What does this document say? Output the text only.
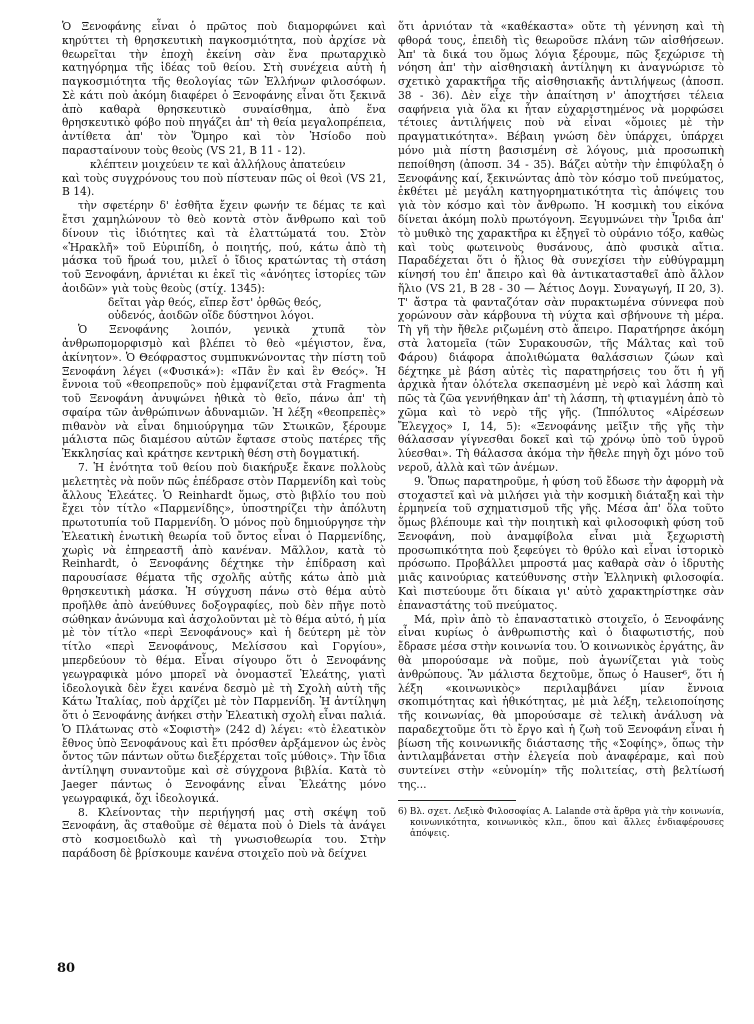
Ὁ Ξενοφάνης εἶναι ὁ πρῶτος ποὺ διαμορφώνει καὶ κηρύττει τὴ θρησκευτικὴ παγκοσμιότητα, ποὺ ἀρχίσε νὰ θεωρεῖται τὴν ἐποχὴ ἐκείνη σὰν ἕνα πρωταρχικὸ κατηγόρημα τῆς ἰδέας τοῦ θείου. Στὴ συνέχεια αὐτὴ ἡ παγκοσμιότητα τῆς θεολογίας τῶν Ἑλλήνων φιλοσόφων. Σὲ κάτι ποὺ ἀκόμη διαφέρει ὁ Ξενοφάνης εἶναι ὅτι ξεκινᾶ ἀπὸ καθαρὰ θρησκευτικὸ συναίσθημα, ἀπὸ ἕνα θρησκευτικὸ φόβο ποὺ πηγάζει ἀπ' τὴ θεία μεγαλοπρέπεια, ἀντίθετα ἀπ' τὸν Ὅμηρο καὶ τὸν Ἡσίοδο ποὺ παρασταίνουν τοὺς θεοὺς (VS 21, Β 11 - 12).

κλέπτειν μοιχεύειν τε καὶ ἀλλήλους ἀπατεύειν

καὶ τοὺς συγχρόνους του ποὺ πίστευαν πῶς οἱ θεοὶ (VS 21, Β 14).

τὴν σφετέρην δ' ἐσθῆτα ἔχειν φωνήν τε δέμας τε καὶ ἔτσι χαμηλώνουν τὸ θεὸ κοντὰ στὸν ἄνθρωπο καὶ τοῦ δίνουν τὶς ἰδιότητες καὶ τὰ ἐλαττώματά του. Στὸν «Ἡρακλῆ» τοῦ Εὐριπίδη, ὁ ποιητής, πού, κάτω ἀπὸ τὴ μάσκα τοῦ ἥρωά του, μιλεῖ ὁ ἴδιος κρατώντας τὴ στάση τοῦ Ξενοφάνη, ἀρνιέται κι ἐκεῖ τὶς «ἀνόητες ἱστορίες τῶν ἀοιδῶν» γιὰ τοὺς θεοὺς (στίχ. 1345):

δεῖται γὰρ θεός, εἴπερ ἔστ' ὀρθῶς θεός,

οὐδενός, ἀοιδῶν οἵδε δύστηνοι λόγοι.

Ὁ Ξενοφάνης λοιπόν, γενικὰ χτυπᾶ τὸν ἀνθρωπομορφισμὸ καὶ βλέπει τὸ θεὸ «μέγιστον, ἕνα, ἀκίνητον». Ὁ Θεόφραστος συμπυκνώνοντας τὴν πίστη τοῦ Ξενοφάνη λέγει («Φυσικά»): «Πᾶν ἓν καὶ ἓν Θεός». Ἡ ἔννοια τοῦ «θεοπρεποῦς» ποὺ ἐμφανίζεται στὰ Fragmenta τοῦ Ξενοφάνη ἀνυψώνει ἠθικὰ τὸ θεῖο, πάνω ἀπ' τὴ σφαίρα τῶν ἀνθρώπινων ἀδυναμιῶν. Ἡ λέξη «θεοπρεπὲς» πιθανὸν νὰ εἶναι δημιούργημα τῶν Στωικῶν, ξέρουμε μάλιστα πῶς διαμέσου αὐτῶν ἔφτασε στοὺς πατέρες τῆς Ἐκκλησίας καὶ κράτησε κεντρικὴ θέση στὴ δογματική.

7. Ἡ ἑνότητα τοῦ θείου ποὺ διακήρυξε ἔκανε πολλοὺς μελετητὲς νὰ ποῦν πῶς ἐπέδρασε στὸν Παρμενίδη καὶ τοὺς ἄλλους Ἐλεάτες. Ὁ Reinhardt ὅμως, στὸ βιβλίο του ποὺ ἔχει τὸν τίτλο «Παρμενίδης», ὑποστηρίζει τὴν ἀπόλυτη πρωτοτυπία τοῦ Παρμενίδη. Ὁ μόνος ποὺ δημιούργησε τὴν Ἐλεατικὴ ἑνωτικὴ θεωρία τοῦ ὄντος εἶναι ὁ Παρμενίδης, χωρὶς νὰ ἐπηρεαστῆ ἀπὸ κανέναν. Μᾶλλον, κατὰ τὸ Reinhardt, ὁ Ξενοφάνης δέχτηκε τὴν ἐπίδραση καὶ παρουσίασε θέματα τῆς σχολῆς αὐτῆς κάτω ἀπὸ μιὰ θρησκευτικὴ μάσκα. Ἡ σύγχυση πάνω στὸ θέμα αὐτὸ προῆλθε ἀπὸ ἀνεύθυνες δοξογραφίες, ποὺ δὲν πῆγε ποτὸ σώθηκαν ἀνώνυμα καὶ ἀσχολοῦνται μὲ τὸ θέμα αὐτό, ἡ μία μὲ τὸν τίτλο «περὶ Ξενοφάνους» καὶ ἡ δεύτερη μὲ τὸν τίτλο «περὶ Ξενοφάνους, Μελίσσου καὶ Γοργίου», μπερδεύουν τὸ θέμα. Εἶναι σίγουρο ὅτι ὁ Ξενοφάνης γεωγραφικὰ μόνο μπορεῖ νὰ ὀνομαστεῖ Ἐλεάτης, γιατὶ ἰδεολογικὰ δὲν ἔχει κανένα δεσμὸ μὲ τὴ Σχολὴ αὐτὴ τῆς Κάτω Ἰταλίας, ποὺ ἀρχίζει μὲ τὸν Παρμενίδη. Ἡ ἀντίληψη ὅτι ὁ Ξενοφάνης ἀνήκει στὴν Ἐλεατικὴ σχολὴ εἶναι παλιά. Ὁ Πλάτωνας στὸ «Σοφιστὴ» (242 d) λέγει: «τὸ ἐλεατικὸν ἔθνος ὑπὸ Ξενοφάνους καὶ ἔτι πρόσθεν ἀρξάμενον ὡς ἑνὸς ὄντος τῶν πάντων οὕτω διεξέρχεται τοῖς μύθοις». Τὴν ἴδια ἀντίληψη συναντοῦμε καὶ σὲ σύγχρονα βιβλία. Κατὰ τὸ Jaeger πάντως ὁ Ξενοφάνης εἶναι Ἐλεάτης μόνο γεωγραφικά, ὄχι ἰδεολογικά.

8. Κλείνοντας τὴν περιήγησή μας στὴ σκέψη τοῦ Ξενοφάνη, ἂς σταθοῦμε σὲ θέματα ποὺ ὁ Diels τὰ ἀνάγει στὸ κοσμοειδωλὸ καὶ τὴ γνωσιοθεωρία του. Στὴν παράδοση δὲ βρίσκουμε κανένα στοιχεῖο ποὺ νὰ δείχνει

ὅτι ἀρνιόταν τὰ «καθέκαστα» οὔτε τὴ γέννηση καὶ τὴ φθορά τους, ἐπειδὴ τὶς θεωροῦσε πλάνη τῶν αἰσθήσεων. Ἀπ' τὰ δικά του ὅμως λόγια ξέρουμε, πῶς ξεχώρισε τὴ νόηση ἀπ' τὴν αἰσθησιακὴ ἀντίληψη κι ἀναγνώρισε τὸ σχετικὸ χαρακτῆρα τῆς αἰσθησιακῆς ἀντιλήψεως (ἀποσπ. 38 - 36). Δὲν εἶχε τὴν ἀπαίτηση ν' ἀποχτήσει τέλεια σαφήνεια γιὰ ὅλα κι ἦταν εὐχαριστημένος νὰ μορφώσει τέτοιες ἀντιλήψεις ποὺ νὰ εἶναι «ὅμοιες μὲ τὴν πραγματικότητα». Βέβαιη γνώση δὲν ὑπάρχει, ὑπάρχει μόνο μιὰ πίστη βασισμένη σὲ λόγους, μιὰ προσωπικὴ πεποίθηση (ἀποσπ. 34 - 35). Βάζει αὐτὴν τὴν ἐπιφύλαξη ὁ Ξενοφάνης καί, ξεκινώντας ἀπὸ τὸν κόσμο τοῦ πνεύματος, ἐκθέτει μὲ μεγάλη κατηγορηματικότητα τὶς ἀπόψεις του γιὰ τὸν κόσμο καὶ τὸν ἄνθρωπο. Ἡ κοσμικὴ του εἰκόνα δίνεται ἀκόμη πολὺ πρωτόγονη. Ξεγυμνώνει τὴν Ἶριδα ἀπ' τὸ μυθικὸ της χαρακτῆρα κι ἐξηγεῖ τὸ οὐράνιο τόξο, καθὼς καὶ τοὺς φωτεινοὺς θυσάνους, ἀπὸ φυσικὰ αἴτια. Παραδέχεται ὅτι ὁ ἥλιος θὰ συνεχίσει τὴν εὐθύγραμμη κίνησή του ἐπ' ἄπειρο καὶ θὰ ἀντικατασταθεῖ ἀπὸ ἄλλον ἥλιο (VS 21, Β 28 - 30 — Ἀέτιος Δογμ. Συναγωγή, ΙΙ 20, 3). Τ' ἄστρα τὰ φανταζόταν σὰν πυρακτωμένα σύννεφα ποὺ χορώνουν σὰν κάρβουνα τὴ νύχτα καὶ σβήνουνε τὴ μέρα. Τὴ γῆ τὴν ἤθελε ριζωμένη στὸ ἄπειρο. Παρατήρησε ἀκόμη στὰ λατομεῖα (τῶν Συρακουσῶν, τῆς Μάλτας καὶ τοῦ Φάρου) διάφορα ἀπολιθώματα θαλάσσιων ζώων καὶ δέχτηκε μὲ βάση αὐτὲς τὶς παρατηρήσεις του ὅτι ἡ γῆ ἀρχικὰ ἦταν ὁλότελα σκεπασμένη μὲ νερὸ καὶ λάσπη καὶ πῶς τὰ ζῶα γεννήθηκαν ἀπ' τὴ λάσπη, τὴ φτιαγμένη ἀπὸ τὸ χῶμα καὶ τὸ νερὸ τῆς γῆς. (Ἱππόλυτος «Αἱρέσεων Ἔλεγχος» Ι, 14, 5): «Ξενοφάνης μεῖξιν τῆς γῆς τὴν θάλασσαν γίγνεσθαι δοκεῖ καὶ τῷ χρόνῳ ὑπὸ τοῦ ὑγροῦ λύεσθαι». Τὴ θάλασσα ἀκόμα τὴν ἤθελε πηγὴ ὄχι μόνο τοῦ νεροῦ, ἀλλὰ καὶ τῶν ἀνέμων.

9. Ὅπως παρατηροῦμε, ἡ φύση τοῦ ἔδωσε τὴν ἀφορμὴ νὰ στοχαστεῖ καὶ νὰ μιλήσει γιὰ τὴν κοσμικὴ διάταξη καὶ τὴν ἑρμηνεία τοῦ σχηματισμοῦ τῆς γῆς. Μέσα ἀπ' ὅλα τοῦτο ὅμως βλέπουμε καὶ τὴν ποιητικὴ καὶ φιλοσοφικὴ φύση τοῦ Ξενοφάνη, ποὺ ἀναμφίβολα εἶναι μιὰ ξεχωριστὴ προσωπικότητα ποὺ ξεφεύγει τὸ θρύλο καὶ εἶναι ἱστορικὸ πρόσωπο. Προβάλλει μπροστά μας καθαρὰ σὰν ὁ ἱδρυτὴς μιᾶς καινούριας κατεύθυνσης στὴν Ἑλληνικὴ φιλοσοφία. Καὶ πιστεύουμε ὅτι δίκαια γι' αὐτὸ χαρακτηρίστηκε σὰν ἐπαναστάτης τοῦ πνεύματος.

Μά, πρὶν ἀπὸ τὸ ἐπαναστατικὸ στοιχεῖο, ὁ Ξενοφάνης εἶναι κυρίως ὁ ἀνθρωπιστὴς καὶ ὁ διαφωτιστής, ποὺ ἔδρασε μέσα στὴν κοινωνία του. Ὁ κοινωνικὸς ἐργάτης, ἂν θὰ μπορούσαμε νὰ ποῦμε, ποὺ ἀγωνίζεται γιὰ τοὺς ἀνθρώπους. Ἂν μάλιστα δεχτοῦμε, ὅπως ὁ Hauser⁶, ὅτι ἡ λέξη «κοινωνικὸς» περιλαμβάνει μίαν ἔννοια σκοπιμότητας καὶ ἠθικότητας, μὲ μιὰ λέξη, τελειοποίησης τῆς κοινωνίας, θὰ μπορούσαμε σὲ τελικὴ ἀνάλυση νὰ παραδεχτοῦμε ὅτι τὸ ἔργο καὶ ἡ ζωὴ τοῦ Ξενοφάνη εἶναι ἡ βίωση τῆς κοινωνικῆς διάστασης τῆς «Σοφίης», ὅπως τὴν ἀντιλαμβάνεται στὴν ἐλεγεία ποὺ ἀναφέραμε, καὶ ποὺ συντείνει στὴν «εὐνομίη» τῆς πολιτείας, στὴ βελτίωσή της...

6) Βλ. σχετ. Λεξικὸ Φιλοσοφίας A. Lalande στὰ ἄρθρα γιὰ τὴν κοινωνία, κοινωνικότητα, κοινωνικὸς κλπ., ὅπου καὶ ἄλλες ἐνδιαφέρουσες ἀπόψεις.

80
